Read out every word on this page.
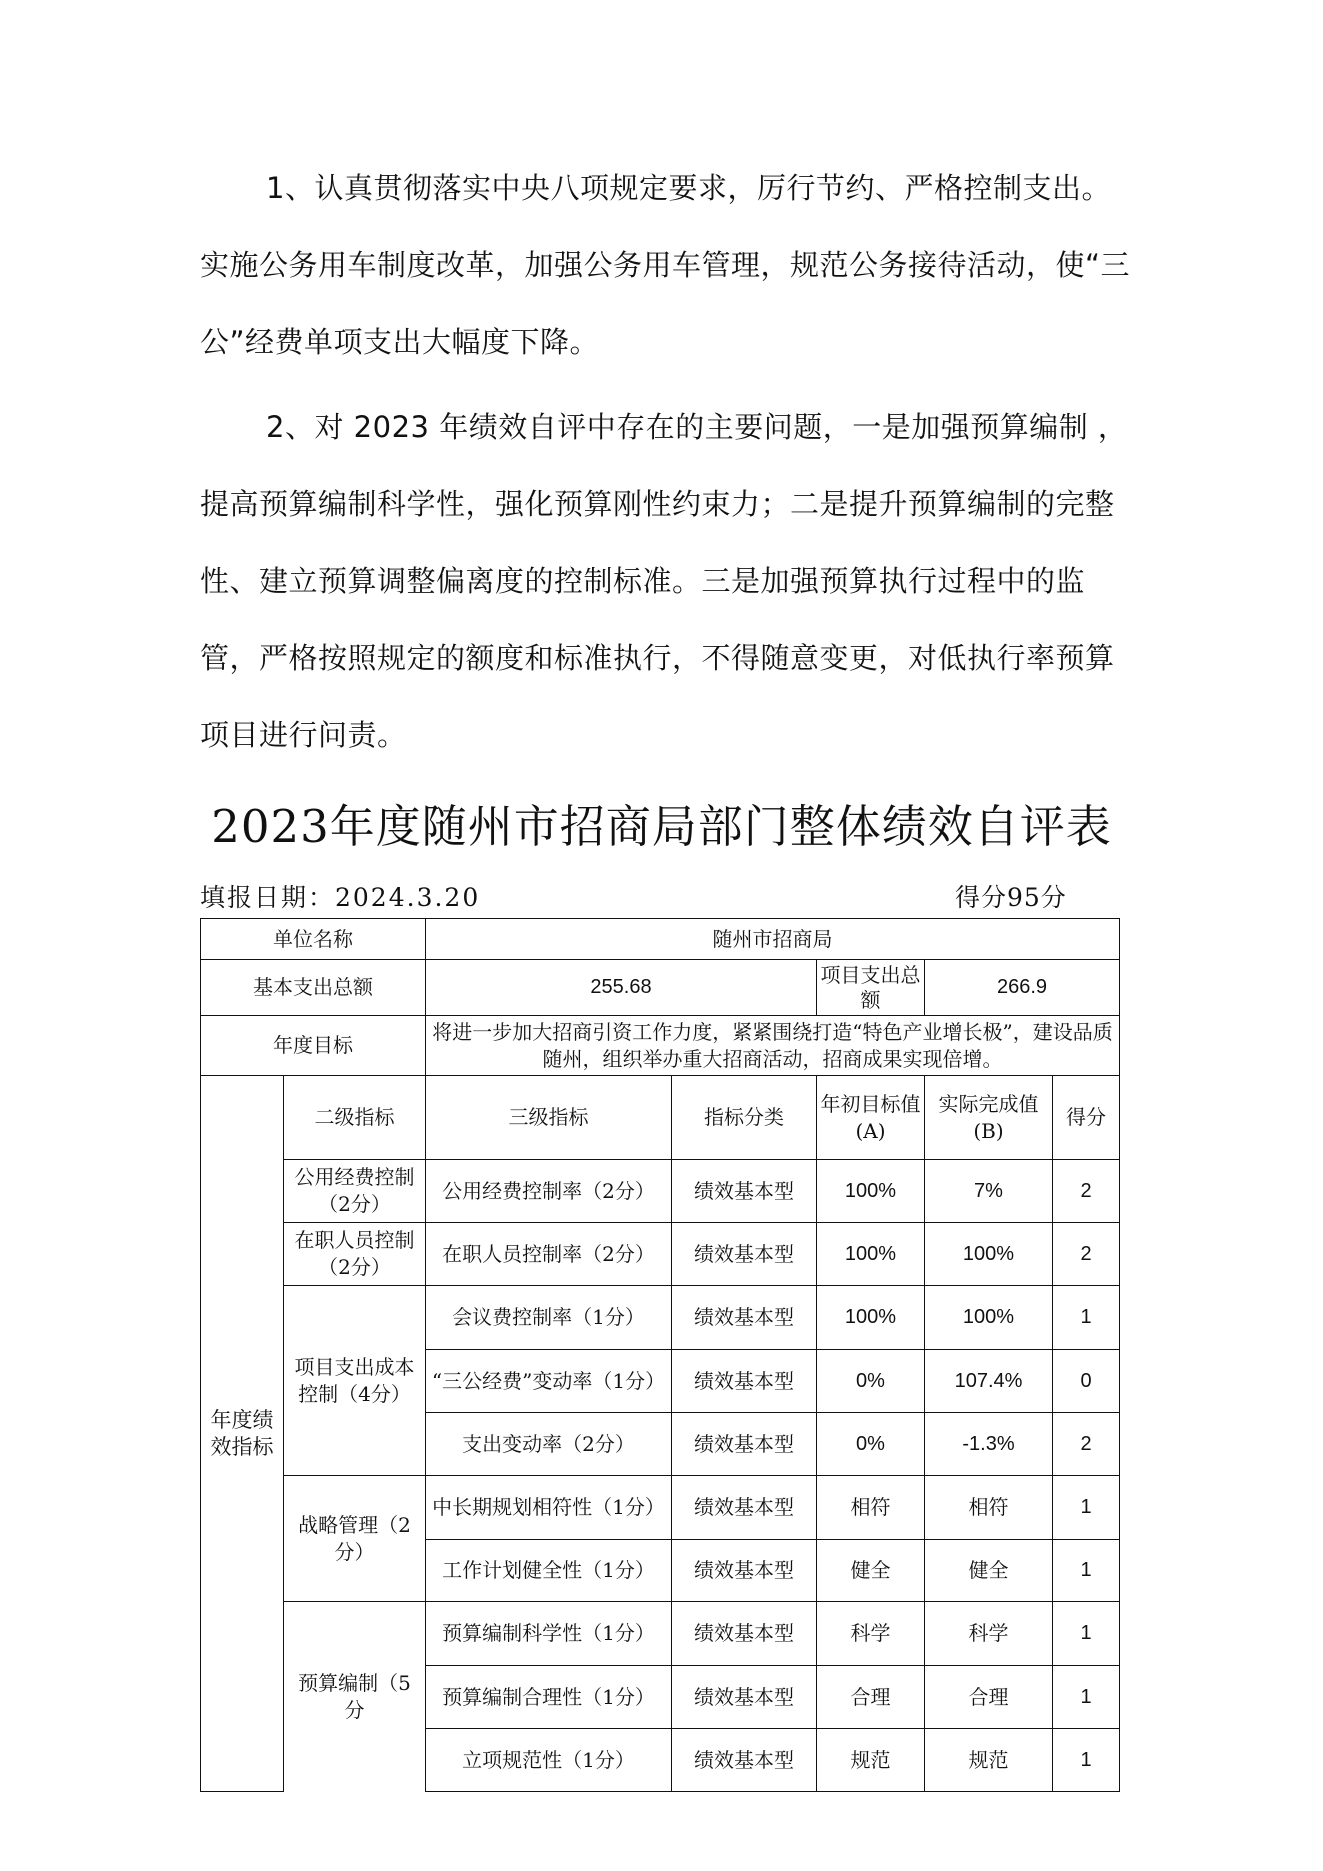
1、认真贯彻落实中央八项规定要求，厉行节约、严格控制支出。实施公务用车制度改革，加强公务用车管理，规范公务接待活动，使“三 公”经费单项支出大幅度下降。
2、对 2023 年绩效自评中存在的主要问题，一是加强预算编制 ，提高预算编制科学性，强化预算刚性约束力；二是提升预算编制的完整性、建立预算调整偏离度的控制标准。三是加强预算执行过程中的监管，严格按照规定的额度和标准执行，不得随意变更，对低执行率预算项目进行问责。
2023年度随州市招商局部门整体绩效自评表
填报日期：2024.3.20	得分95分
单位名称		随州市招商局				
基本支出总额		255.68		项目支出总额	266.9	
年度目标		将进一步加大招商引资工作力度，紧紧围绕打造“特色产业增长极”，建设品质随州，组织举办重大招商活动，招商成果实现倍增。				
年度绩效指标	二级指标	三级指标	指标分类	年初目标值(A)	实际完成值(B)	得分
	公用经费控制（2分）	公用经费控制率（2分）	绩效基本型	100%	7%	2
	在职人员控制（2分）	在职人员控制率（2分）	绩效基本型	100%	100%	2
	项目支出成本控制（4分）	会议费控制率（1分）	绩效基本型	100%	100%	1
		“三公经费”变动率（1分）	绩效基本型	0%	107.4%	0
		支出变动率（2分）	绩效基本型	0%	-1.3%	2
	战略管理（2分）	中长期规划相符性（1分）	绩效基本型	相符	相符	1
		工作计划健全性（1分）	绩效基本型	健全	健全	1
	预算编制（5分	预算编制科学性（1分）	绩效基本型	科学	科学	1
		预算编制合理性（1分）	绩效基本型	合理	合理	1
		立项规范性（1分）	绩效基本型	规范	规范	1
